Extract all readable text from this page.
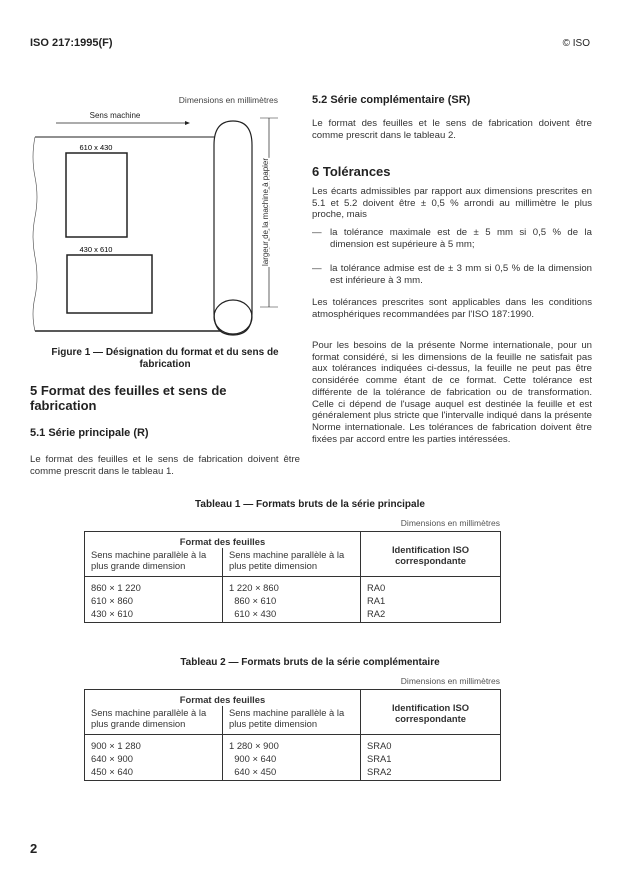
ISO 217:1995(F)	© ISO
Dimensions en millimètres
Sens machine
610 x 430
430 x 610	largeur de la machine à papier
Figure 1 — Désignation du format et du sens de fabrication
5 Format des feuilles et sens de fabrication
5.1 Série principale (R)

Le format des feuilles et le sens de fabrication doivent être comme prescrit dans le tableau 1.

5.2 Série complémentaire (SR)

Le format des feuilles et le sens de fabrication doivent être comme prescrit dans le tableau 2.

6 Tolérances

Les écarts admissibles par rapport aux dimensions prescrites en 5.1 et 5.2 doivent être ± 0,5 % arrondi au millimètre le plus proche, mais

— la tolérance maximale est de ± 5 mm si 0,5 % de la dimension est supérieure à 5 mm;
— la tolérance admise est de ± 3 mm si 0,5 % de la dimension est inférieure à 3 mm.

Les tolérances prescrites sont applicables dans les conditions atmosphériques recommandées par l'ISO 187:1990.

Pour les besoins de la présente Norme internationale, pour un format considéré, si les dimensions de la feuille ne satisfait pas aux tolérances indiquées ci-dessus, la feuille ne peut pas être considérée comme étant de ce format. Cette tolérance est différente de la tolérance de fabrication ou de transformation. Celle ci dépend de l'usage auquel est destinée la feuille et est généralement plus stricte que l'intervalle indiqué dans la présente Norme internationale. Les tolérances de fabrication doivent être fixées par accord entre les parties intéressées.

Tableau 1 — Formats bruts de la série principale
Dimensions en millimètres
Format des feuilles		Identification ISO correspondante
Sens machine parallèle à la plus grande dimension	Sens machine parallèle à la plus petite dimension	
860 × 1 220	1 220 × 860	RA0
610 × 860	860 × 610	RA1
430 × 610	610 × 430	RA2
Tableau 2 — Formats bruts de la série complémentaire
Dimensions en millimètres
Format des feuilles		Identification ISO correspondante
Sens machine parallèle à la plus grande dimension	Sens machine parallèle à la plus petite dimension	
900 × 1 280	1 280 × 900	SRA0
640 × 900	900 × 640	SRA1
450 × 640	640 × 450	SRA2
2
